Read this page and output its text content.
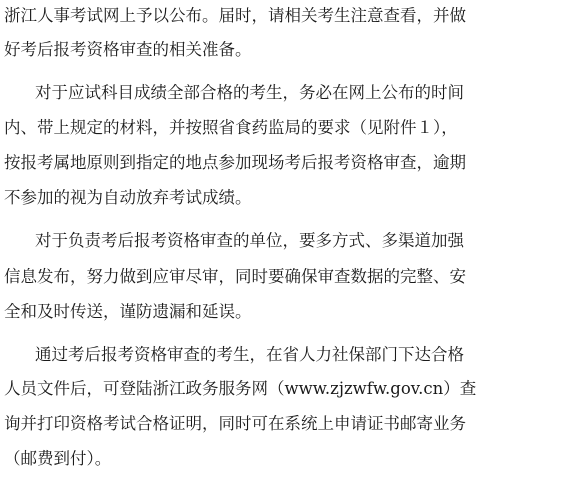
浙江人事考试网上予以公布。届时，请相关考生注意查看，并做
好考后报考资格审查的相关准备。
对于应试科目成绩全部合格的考生，务必在网上公布的时间
内、带上规定的材料，并按照省食药监局的要求（见附件１），
按报考属地原则到指定的地点参加现场考后报考资格审查，逾期
不参加的视为自动放弃考试成绩。
对于负责考后报考资格审查的单位，要多方式、多渠道加强
信息发布，努力做到应审尽审，同时要确保审查数据的完整、安
全和及时传送，谨防遗漏和延误。
通过考后报考资格审查的考生，在省人力社保部门下达合格
人员文件后，可登陆浙江政务服务网（www.zjzwfw.gov.cn）查
询并打印资格考试合格证明，同时可在系统上申请证书邮寄业务
（邮费到付）。
